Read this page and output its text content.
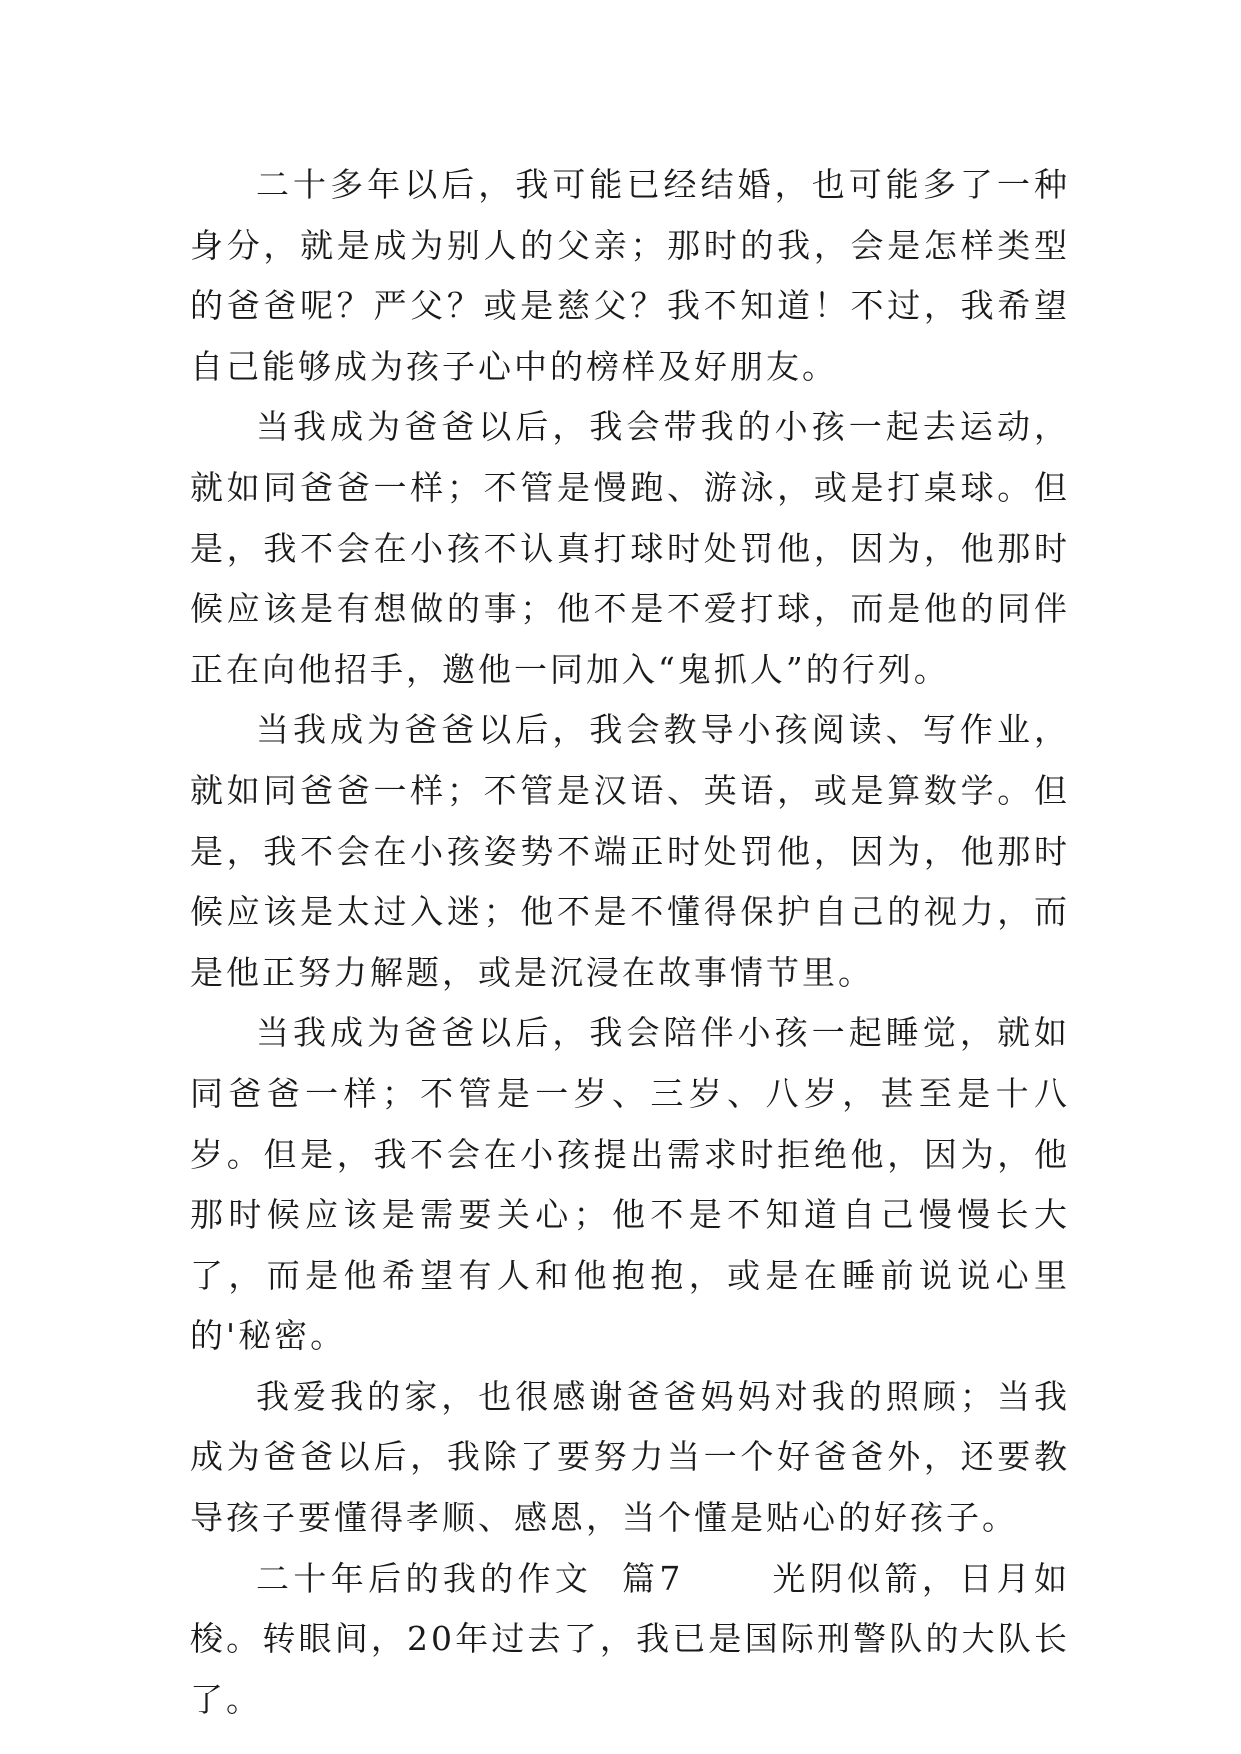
二十多年以后，我可能已经结婚，也可能多了一种身分，就是成为别人的父亲；那时的我，会是怎样类型的爸爸呢？严父？或是慈父？我不知道！不过，我希望自己能够成为孩子心中的榜样及好朋友。

当我成为爸爸以后，我会带我的小孩一起去运动，就如同爸爸一样；不管是慢跑、游泳，或是打桌球。但是，我不会在小孩不认真打球时处罚他，因为，他那时候应该是有想做的事；他不是不爱打球，而是他的同伴正在向他招手，邀他一同加入“鬼抓人”的行列。

当我成为爸爸以后，我会教导小孩阅读、写作业，就如同爸爸一样；不管是汉语、英语，或是算数学。但是，我不会在小孩姿势不端正时处罚他，因为，他那时候应该是太过入迷；他不是不懂得保护自己的视力，而是他正努力解题，或是沉浸在故事情节里。

当我成为爸爸以后，我会陪伴小孩一起睡觉，就如同爸爸一样；不管是一岁、三岁、八岁，甚至是十八岁。但是，我不会在小孩提出需求时拒绝他，因为，他那时候应该是需要关心；他不是不知道自己慢慢长大了，而是他希望有人和他抱抱，或是在睡前说说心里的'秘密。

我爱我的家，也很感谢爸爸妈妈对我的照顾；当我成为爸爸以后，我除了要努力当一个好爸爸外，还要教导孩子要懂得孝顺、感恩，当个懂是贴心的好孩子。

二十年后的我的作文  篇7      光阴似箭，日月如梭。转眼间，20年过去了，我已是国际刑警队的大队长了。
